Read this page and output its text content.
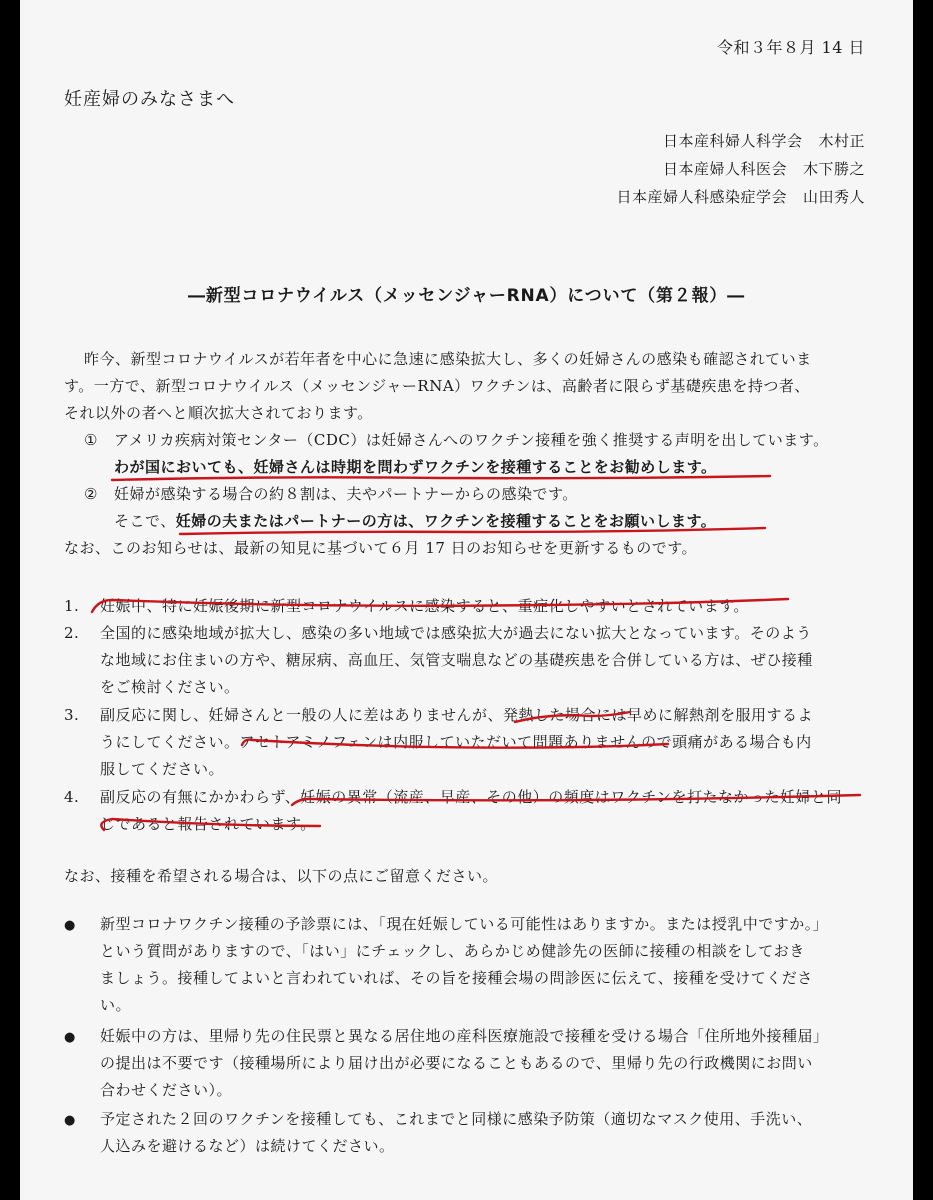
令和３年８月 14 日
妊産婦のみなさまへ
日本産科婦人科学会 木村正
日本産婦人科医会 木下勝之
日本産婦人科感染症学会 山田秀人
―新型コロナウイルス（メッセンジャーRNA）について（第２報）―
昨今、新型コロナウイルスが若年者を中心に急速に感染拡大し、多くの妊婦さんの感染も確認されていま
す。一方で、新型コロナウイルス（メッセンジャーRNA）ワクチンは、高齢者に限らず基礎疾患を持つ者、
それ以外の者へと順次拡大されております。
① アメリカ疾病対策センター（CDC）は妊婦さんへのワクチン接種を強く推奨する声明を出しています。
わが国においても、妊婦さんは時期を問わずワクチンを接種することをお勧めします。
② 妊婦が感染する場合の約８割は、夫やパートナーからの感染です。
そこで、妊婦の夫またはパートナーの方は、ワクチンを接種することをお願いします。
なお、このお知らせは、最新の知見に基づいて６月 17 日のお知らせを更新するものです。
1. 妊娠中、特に妊娠後期に新型コロナウイルスに感染すると、重症化しやすいとされています。
2. 全国的に感染地域が拡大し、感染の多い地域では感染拡大が過去にない拡大となっています。そのよう
な地域にお住まいの方や、糖尿病、高血圧、気管支喘息などの基礎疾患を合併している方は、ぜひ接種
をご検討ください。
3. 副反応に関し、妊婦さんと一般の人に差はありませんが、発熱した場合には早めに解熱剤を服用するよ
うにしてください。アセトアミノフェンは内服していただいて問題ありませんので頭痛がある場合も内
服してください。
4. 副反応の有無にかかわらず、妊娠の異常（流産、早産、その他）の頻度はワクチンを打たなかった妊婦と同
じであると報告されています。
なお、接種を希望される場合は、以下の点にご留意ください。
● 新型コロナワクチン接種の予診票には、「現在妊娠している可能性はありますか。または授乳中ですか。」
という質問がありますので、「はい」にチェックし、あらかじめ健診先の医師に接種の相談をしておき
ましょう。接種してよいと言われていれば、その旨を接種会場の問診医に伝えて、接種を受けてくださ
い。
● 妊娠中の方は、里帰り先の住民票と異なる居住地の産科医療施設で接種を受ける場合「住所地外接種届」
の提出は不要です（接種場所により届け出が必要になることもあるので、里帰り先の行政機関にお問い
合わせください）。
● 予定された２回のワクチンを接種しても、これまでと同様に感染予防策（適切なマスク使用、手洗い、
人込みを避けるなど）は続けてください。
